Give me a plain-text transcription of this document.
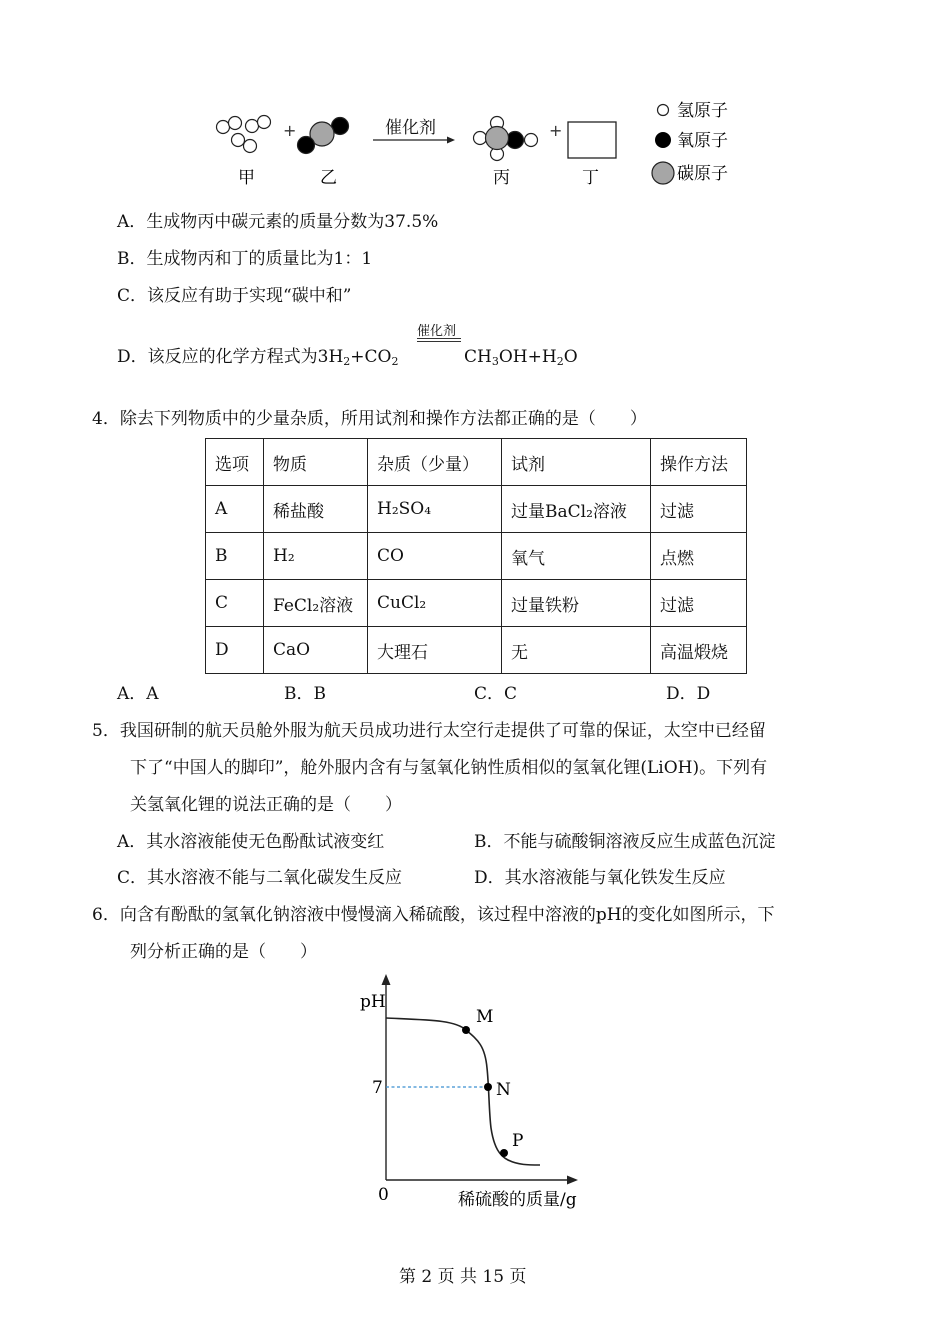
+	催化剂	+
甲	乙	丙	丁
氢原子
氧原子
碳原子
A．生成物丙中碳元素的质量分数为37.5%
B．生成物丙和丁的质量比为1：1
C．该反应有助于实现“碳中和”
D．该反应的化学方程式为$3H_2+CO_2$
催化剂
$CH_3OH+H_2O$
4．除去下列物质中的少量杂质，所用试剂和操作方法都正确的是（　　）
选项	物质	杂质（少量）	试剂	操作方法
A	稀盐酸	H₂SO₄	过量BaCl₂溶液	过滤
B	H₂	CO	氧气	点燃
C	FeCl₂溶液	CuCl₂	过量铁粉	过滤
D	CaO	大理石	无	高温煅烧
A．A	B．B	C．C	D．D
5．我国研制的航天员舱外服为航天员成功进行太空行走提供了可靠的保证，太空中已经留
下了“中国人的脚印”，舱外服内含有与氢氧化钠性质相似的氢氧化锂(LiOH)。下列有
关氢氧化锂的说法正确的是（　　）
A．其水溶液能使无色酚酞试液变红	B．不能与硫酸铜溶液反应生成蓝色沉淀
C．其水溶液不能与二氧化碳发生反应	D．其水溶液能与氧化铁发生反应
6．向含有酚酞的氢氧化钠溶液中慢慢滴入稀硫酸，该过程中溶液的pH的变化如图所示，下
列分析正确的是（　　）
pH
7
0
M
N
P
稀硫酸的质量/g
第 2 页 共 15 页
